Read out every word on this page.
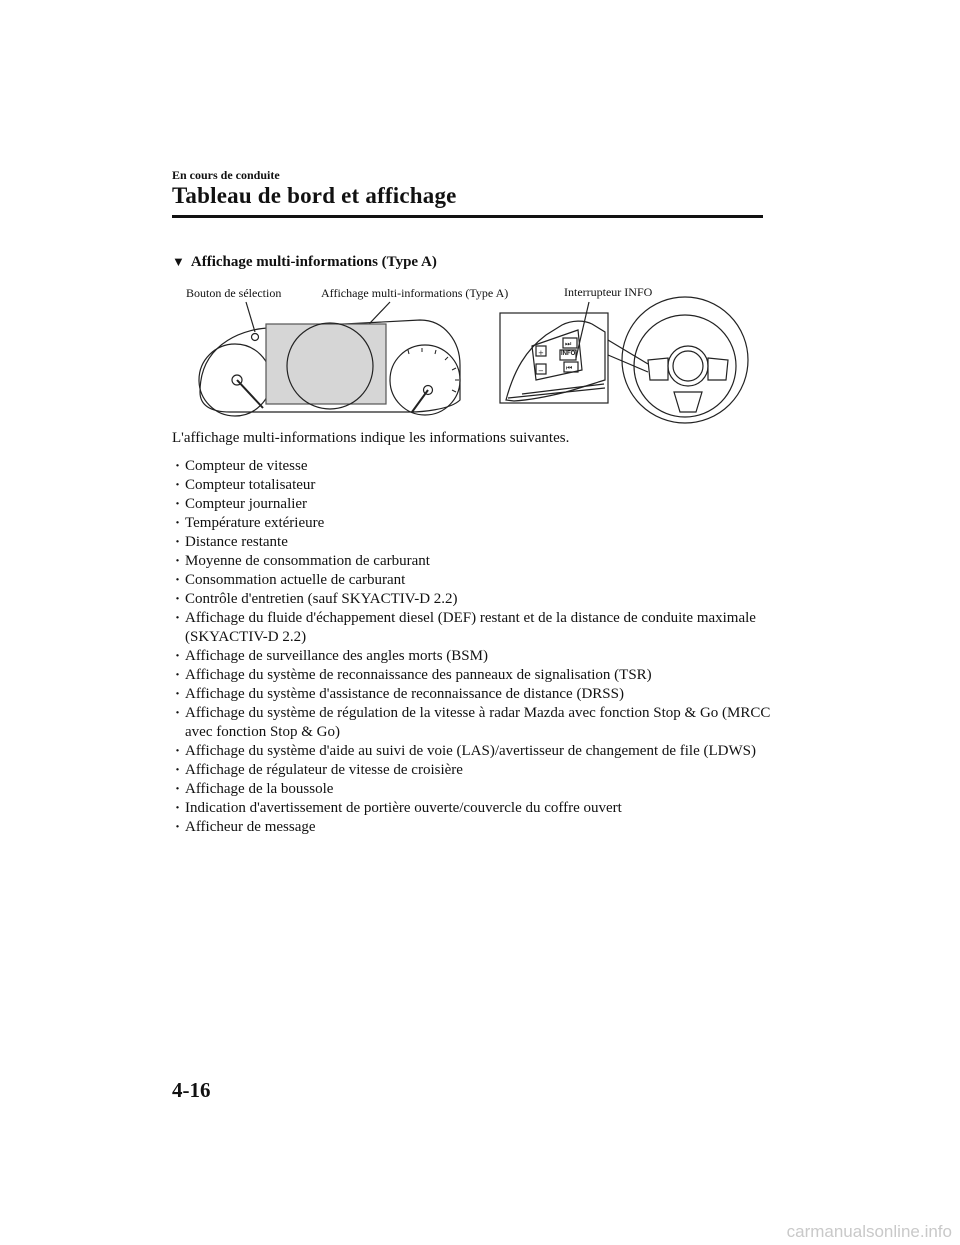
En cours de conduite
Tableau de bord et affichage
▼ Affichage multi-informations (Type A)
Bouton de sélection	Affichage multi-informations (Type A)	Interrupteur INFO
+
−
⏭
⏮
INFO
L'affichage multi-informations indique les informations suivantes.
· Compteur de vitesse
· Compteur totalisateur
· Compteur journalier
· Température extérieure
· Distance restante
· Moyenne de consommation de carburant
· Consommation actuelle de carburant
· Contrôle d'entretien (sauf SKYACTIV-D 2.2)
· Affichage du fluide d'échappement diesel (DEF) restant et de la distance de conduite maximale (SKYACTIV-D 2.2)
· Affichage de surveillance des angles morts (BSM)
· Affichage du système de reconnaissance des panneaux de signalisation (TSR)
· Affichage du système d'assistance de reconnaissance de distance (DRSS)
· Affichage du système de régulation de la vitesse à radar Mazda avec fonction Stop & Go (MRCC avec fonction Stop & Go)
· Affichage du système d'aide au suivi de voie (LAS)/avertisseur de changement de file (LDWS)
· Affichage de régulateur de vitesse de croisière
· Affichage de la boussole
· Indication d'avertissement de portière ouverte/couvercle du coffre ouvert
· Afficheur de message
4-16
carmanualsonline.info
